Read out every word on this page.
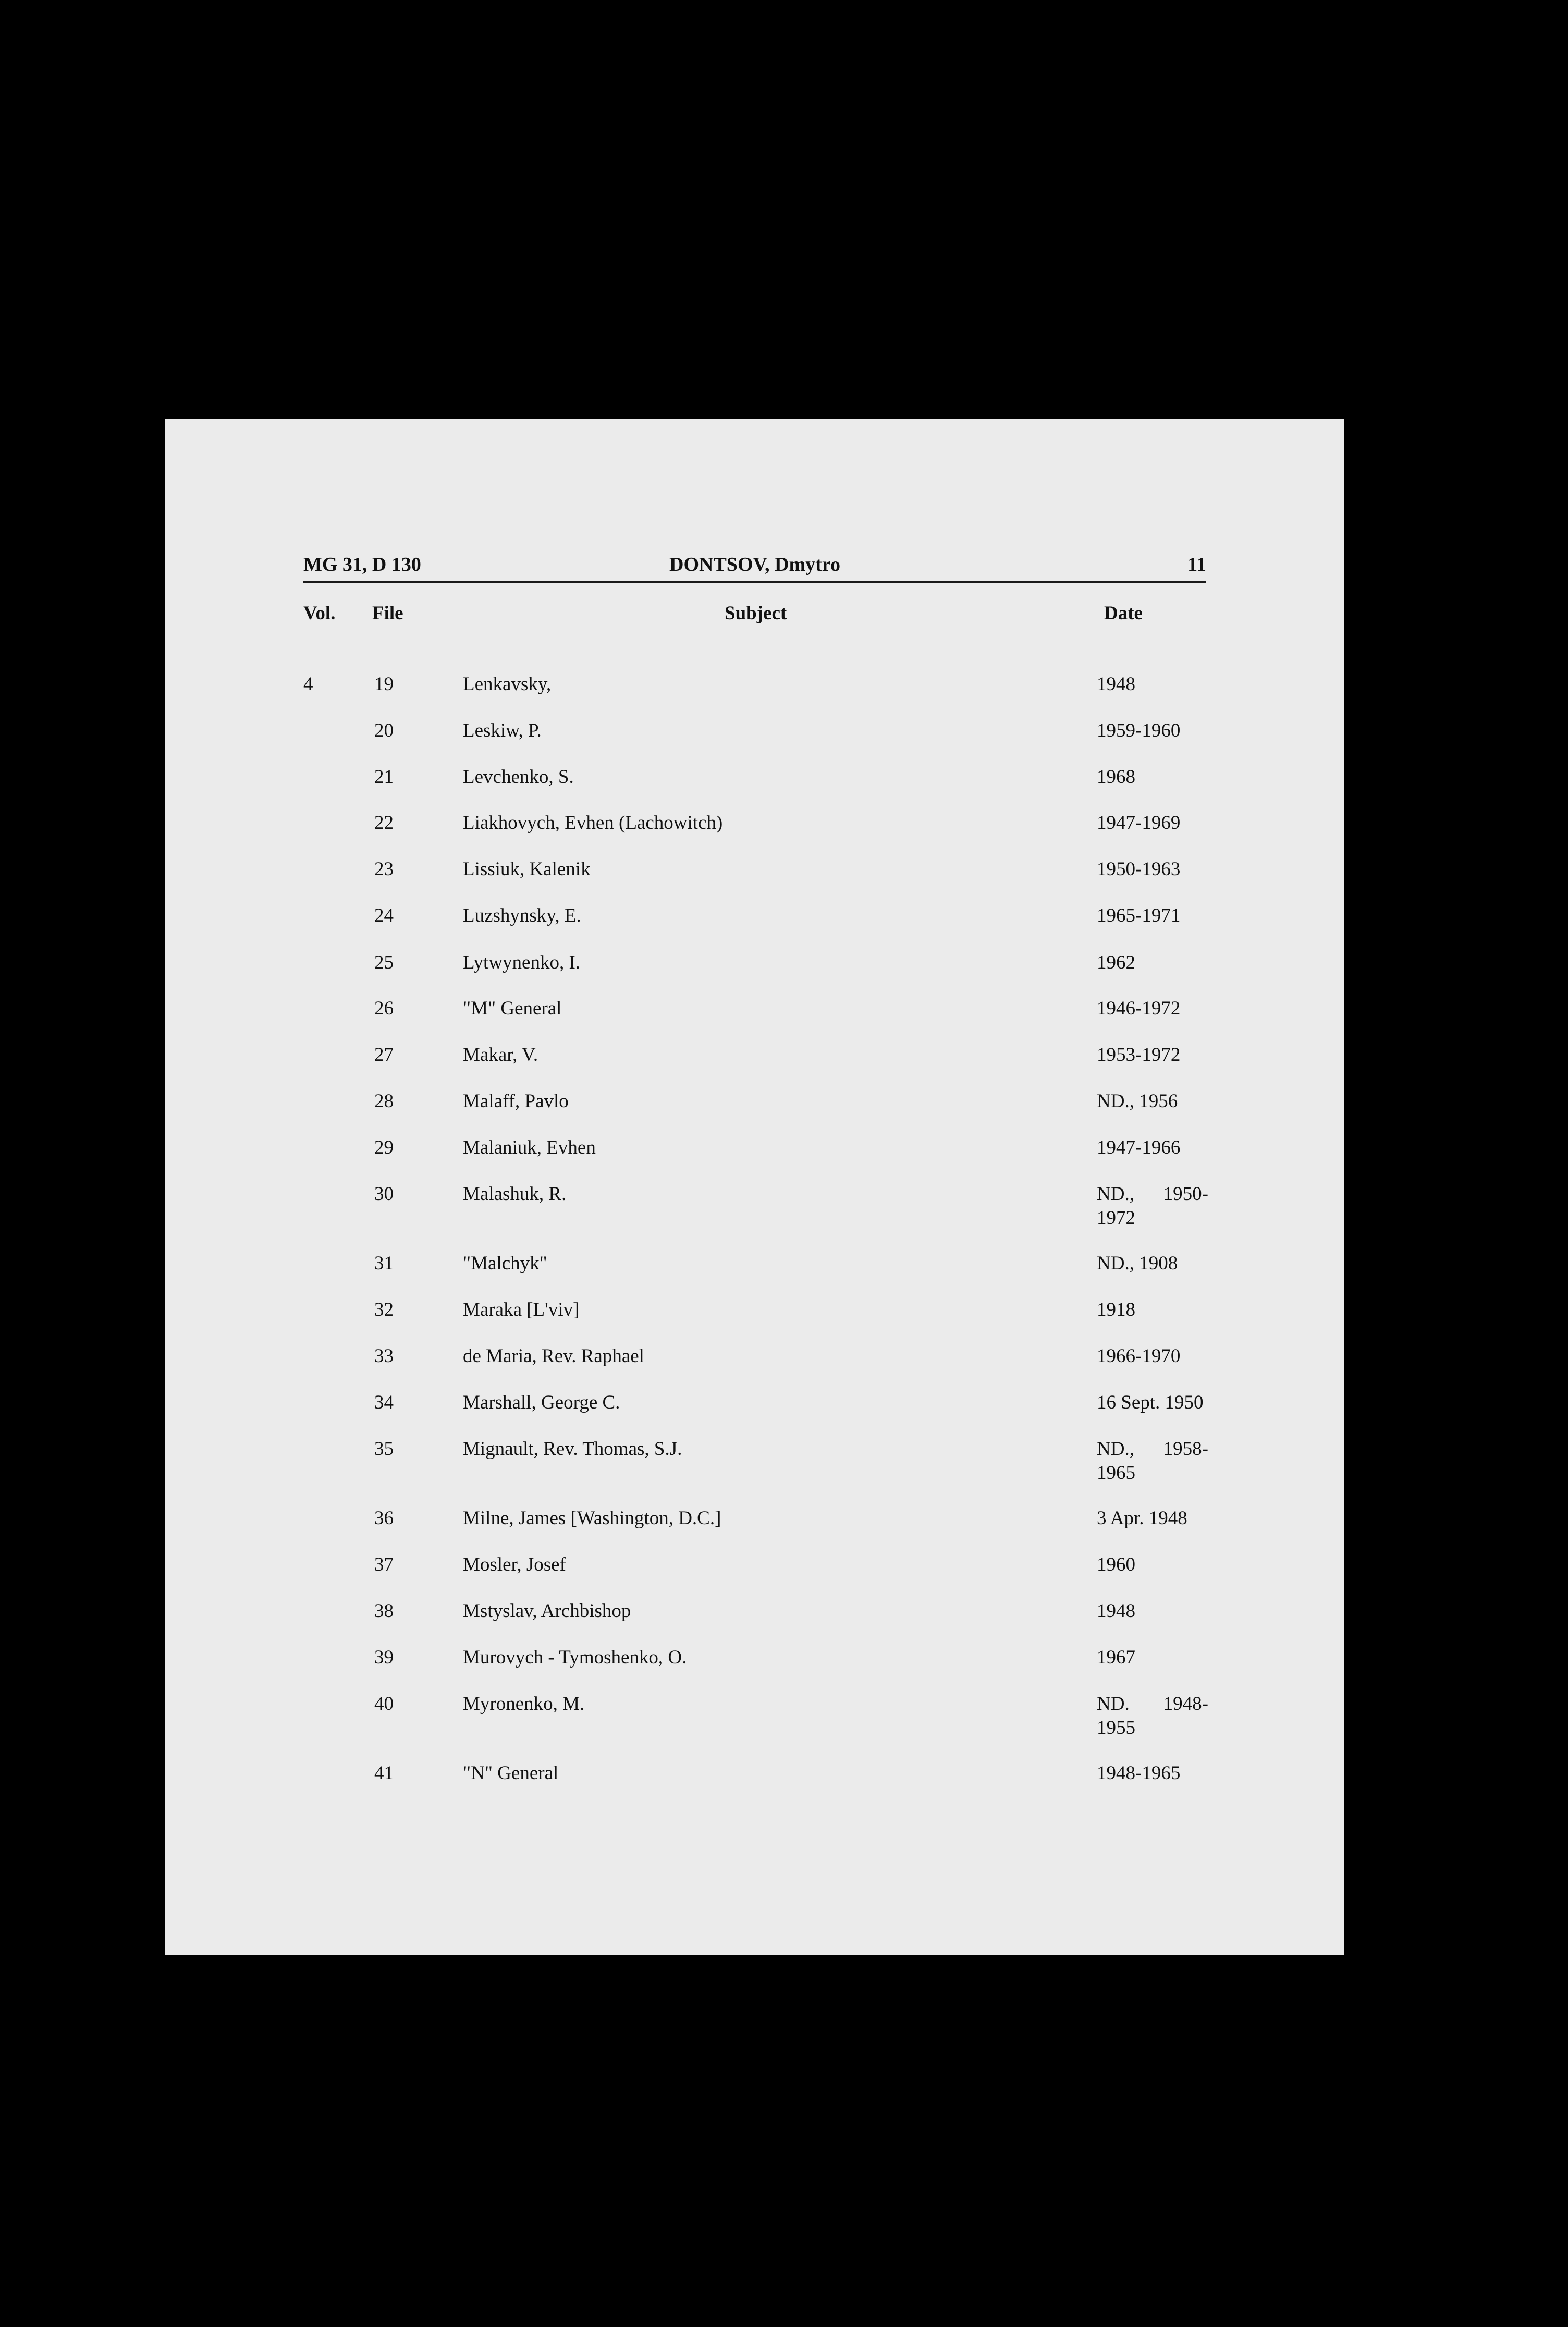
MG 31, D 130	DONTSOV, Dmytro	11
Vol. File	Subject	Date
4	19	Lenkavsky,	1948
20	Leskiw, P.	1959-1960
21	Levchenko, S.	1968
22	Liakhovych, Evhen (Lachowitch)	1947-1969
23	Lissiuk, Kalenik	1950-1963
24	Luzshynsky, E.	1965-1971
25	Lytwynenko, I.	1962
26	"M" General	1946-1972
27	Makar, V.	1953-1972
28	Malaff, Pavlo	ND., 1956
29	Malaniuk, Evhen	1947-1966
30	Malashuk, R.	ND., 1950-1972
31	"Malchyk"	ND., 1908
32	Maraka [L'viv]	1918
33	de Maria, Rev. Raphael	1966-1970
34	Marshall, George C.	16 Sept. 1950
35	Mignault, Rev. Thomas, S.J.	ND., 1958-1965
36	Milne, James [Washington, D.C.]	3 Apr. 1948
37	Mosler, Josef	1960
38	Mstyslav, Archbishop	1948
39	Murovych - Tymoshenko, O.	1967
40	Myronenko, M.	ND. 1948-1955
41	"N" General	1948-1965
